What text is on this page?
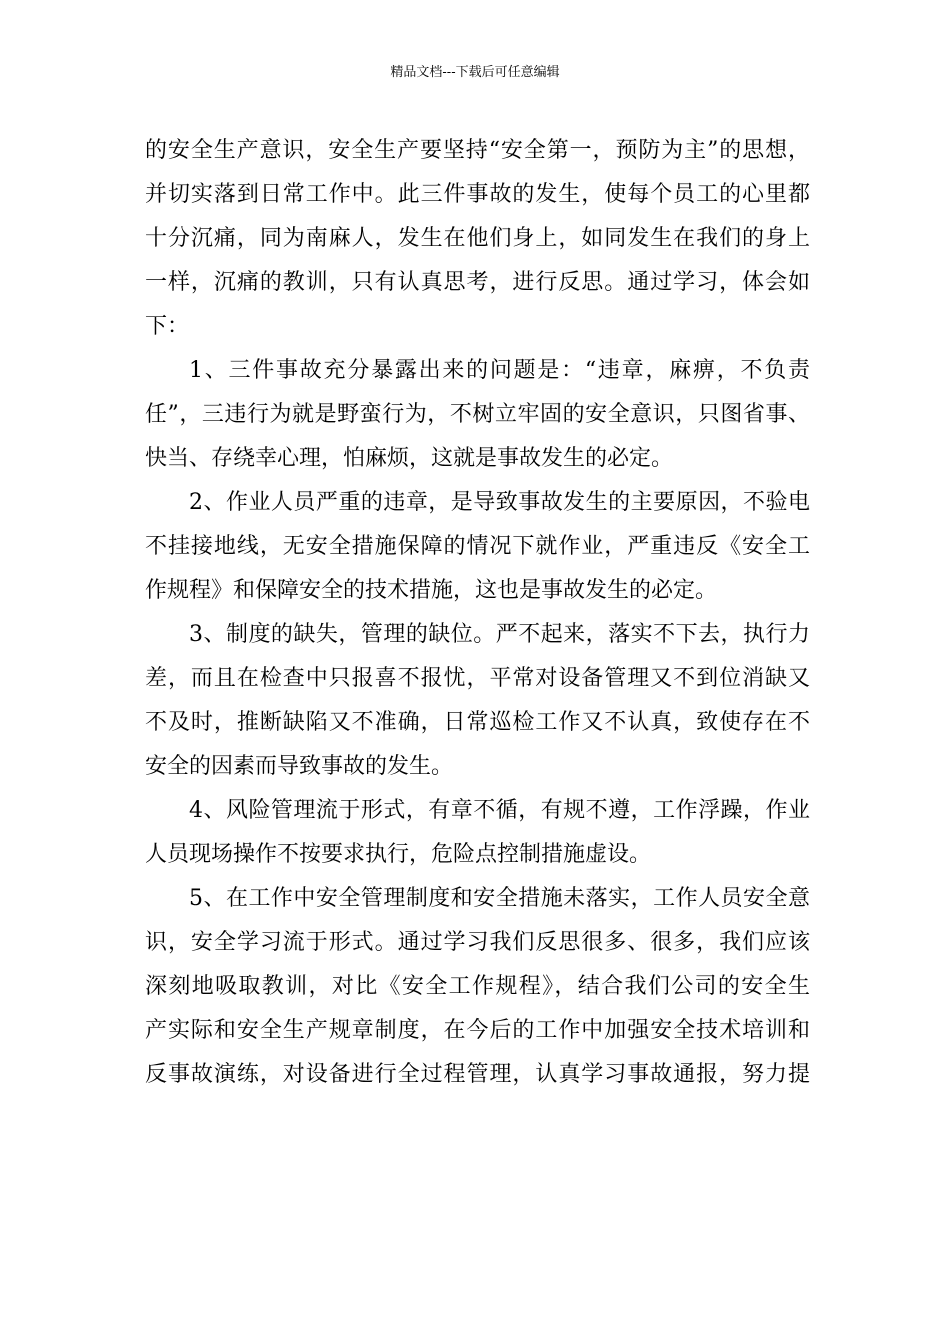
精品文档---下载后可任意编辑

的安全生产意识，安全生产要坚持“安全第一，预防为主”的思想，
并切实落到日常工作中。此三件事故的发生，使每个员工的心里都
十分沉痛，同为南麻人，发生在他们身上，如同发生在我们的身上
一样，沉痛的教训，只有认真思考，进行反思。通过学习，体会如
下：

1、三件事故充分暴露出来的问题是：“违章，麻痹，不负责
任”，三违行为就是野蛮行为，不树立牢固的安全意识，只图省事、
快当、存绕幸心理，怕麻烦，这就是事故发生的必定。

2、作业人员严重的违章，是导致事故发生的主要原因，不验电
不挂接地线，无安全措施保障的情况下就作业，严重违反《安全工
作规程》和保障安全的技术措施，这也是事故发生的必定。

3、制度的缺失，管理的缺位。严不起来，落实不下去，执行力
差，而且在检查中只报喜不报忧，平常对设备管理又不到位消缺又
不及时，推断缺陷又不准确，日常巡检工作又不认真，致使存在不
安全的因素而导致事故的发生。

4、风险管理流于形式，有章不循，有规不遵，工作浮躁，作业
人员现场操作不按要求执行，危险点控制措施虚设。

5、在工作中安全管理制度和安全措施未落实，工作人员安全意
识，安全学习流于形式。通过学习我们反思很多、很多，我们应该
深刻地吸取教训，对比《安全工作规程》，结合我们公司的安全生
产实际和安全生产规章制度，在今后的工作中加强安全技术培训和
反事故演练，对设备进行全过程管理，认真学习事故通报，努力提
